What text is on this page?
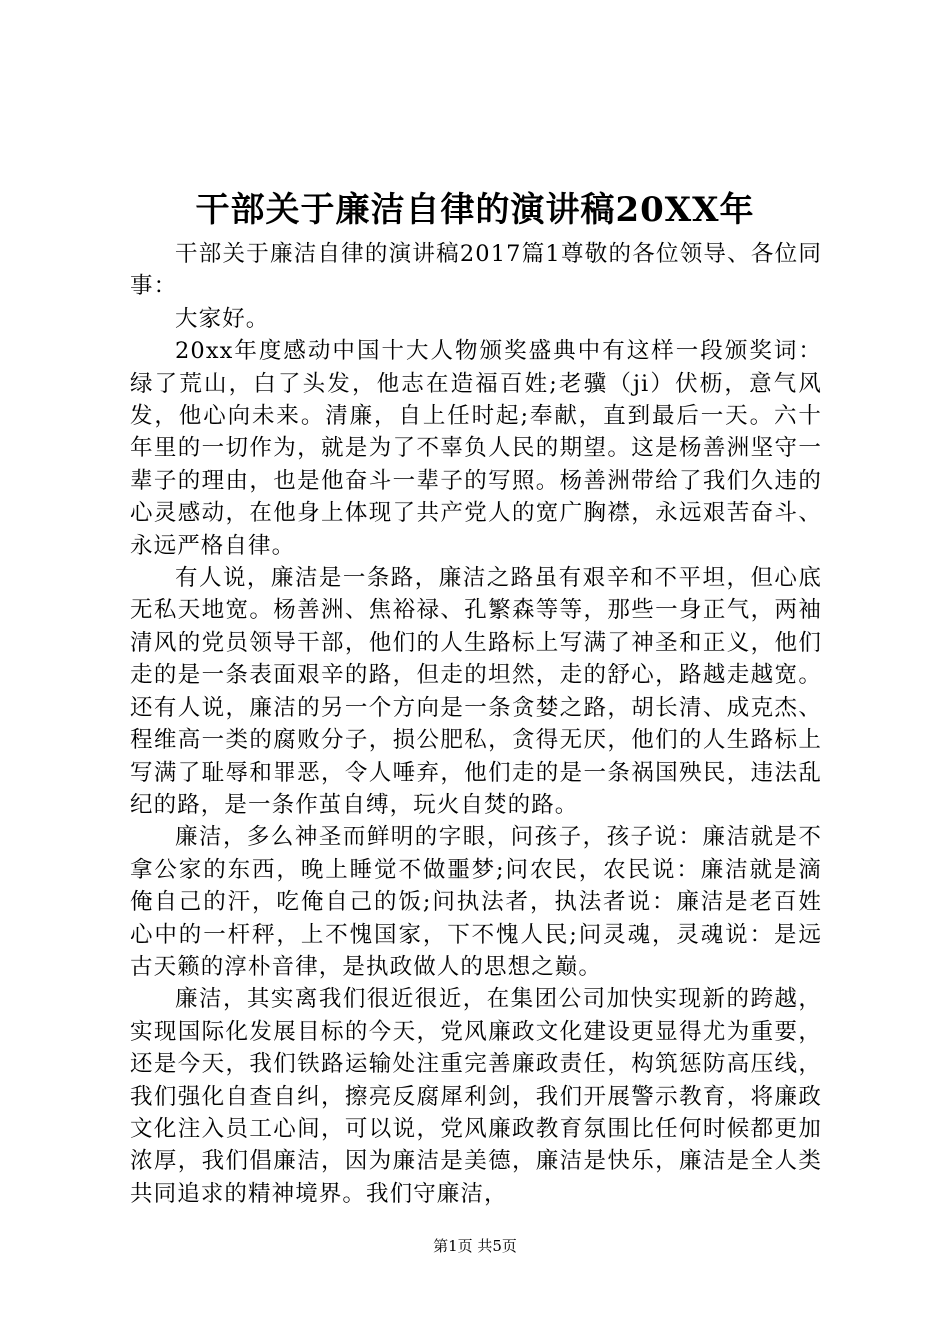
干部关于廉洁自律的演讲稿20XX年

干部关于廉洁自律的演讲稿2017篇1尊敬的各位领导、各位同事：

大家好。

20xx年度感动中国十大人物颁奖盛典中有这样一段颁奖词：绿了荒山，白了头发，他志在造福百姓;老骥（ji）伏枥，意气风发，他心向未来。清廉，自上任时起;奉献，直到最后一天。六十年里的一切作为，就是为了不辜负人民的期望。这是杨善洲坚守一辈子的理由，也是他奋斗一辈子的写照。杨善洲带给了我们久违的心灵感动，在他身上体现了共产党人的宽广胸襟，永远艰苦奋斗、永远严格自律。

有人说，廉洁是一条路，廉洁之路虽有艰辛和不平坦，但心底无私天地宽。杨善洲、焦裕禄、孔繁森等等，那些一身正气，两袖清风的党员领导干部，他们的人生路标上写满了神圣和正义，他们走的是一条表面艰辛的路，但走的坦然，走的舒心，路越走越宽。还有人说，廉洁的另一个方向是一条贪婪之路，胡长清、成克杰、程维高一类的腐败分子，损公肥私，贪得无厌，他们的人生路标上写满了耻辱和罪恶，令人唾弃，他们走的是一条祸国殃民，违法乱纪的路，是一条作茧自缚，玩火自焚的路。

廉洁，多么神圣而鲜明的字眼，问孩子，孩子说：廉洁就是不拿公家的东西，晚上睡觉不做噩梦;问农民，农民说：廉洁就是滴俺自己的汗，吃俺自己的饭;问执法者，执法者说：廉洁是老百姓心中的一杆秤，上不愧国家，下不愧人民;问灵魂，灵魂说：是远古天籁的淳朴音律，是执政做人的思想之巅。

廉洁，其实离我们很近很近，在集团公司加快实现新的跨越，实现国际化发展目标的今天，党风廉政文化建设更显得尤为重要，还是今天，我们铁路运输处注重完善廉政责任，构筑惩防高压线，我们强化自查自纠，擦亮反腐犀利剑，我们开展警示教育，将廉政文化注入员工心间，可以说，党风廉政教育氛围比任何时候都更加浓厚，我们倡廉洁，因为廉洁是美德，廉洁是快乐，廉洁是全人类共同追求的精神境界。我们守廉洁，

第1页 共5页
